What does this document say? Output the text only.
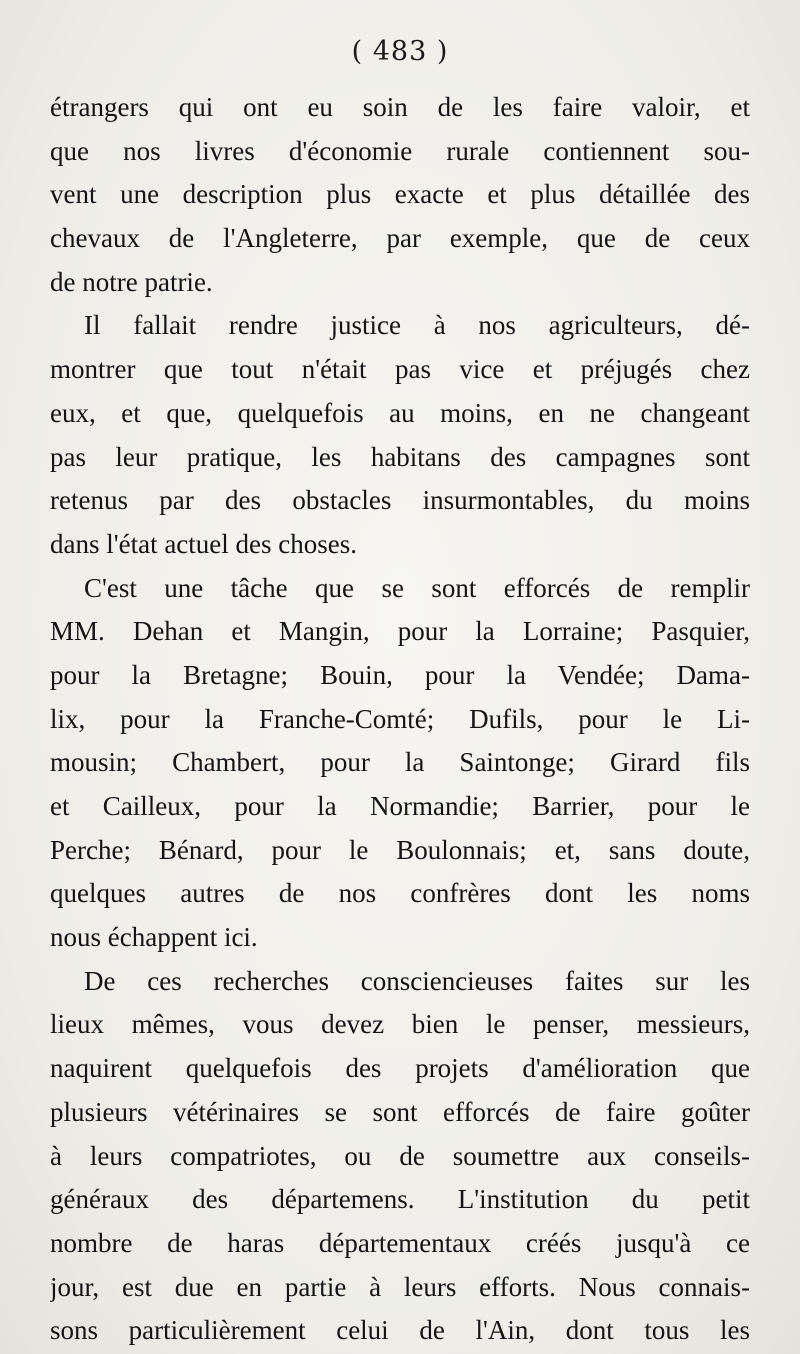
( 483 )
étrangers qui ont eu soin de les faire valoir, et
que nos livres d'économie rurale contiennent sou-
vent une description plus exacte et plus détaillée des
chevaux de l'Angleterre, par exemple, que de ceux
de notre patrie.
Il fallait rendre justice à nos agriculteurs, dé-
montrer que tout n'était pas vice et préjugés chez
eux, et que, quelquefois au moins, en ne changeant
pas leur pratique, les habitans des campagnes sont
retenus par des obstacles insurmontables, du moins
dans l'état actuel des choses.
C'est une tâche que se sont efforcés de remplir
MM. Dehan et Mangin, pour la Lorraine; Pasquier,
pour la Bretagne; Bouin, pour la Vendée; Dama-
lix, pour la Franche-Comté; Dufils, pour le Li-
mousin; Chambert, pour la Saintonge; Girard fils
et Cailleux, pour la Normandie; Barrier, pour le
Perche; Bénard, pour le Boulonnais; et, sans doute,
quelques autres de nos confrères dont les noms
nous échappent ici.
De ces recherches consciencieuses faites sur les
lieux mêmes, vous devez bien le penser, messieurs,
naquirent quelquefois des projets d'amélioration que
plusieurs vétérinaires se sont efforcés de faire goûter
à leurs compatriotes, ou de soumettre aux conseils-
généraux des départemens. L'institution du petit
nombre de haras départementaux créés jusqu'à ce
jour, est due en partie à leurs efforts. Nous connais-
sons particulièrement celui de l'Ain, dont tous les
